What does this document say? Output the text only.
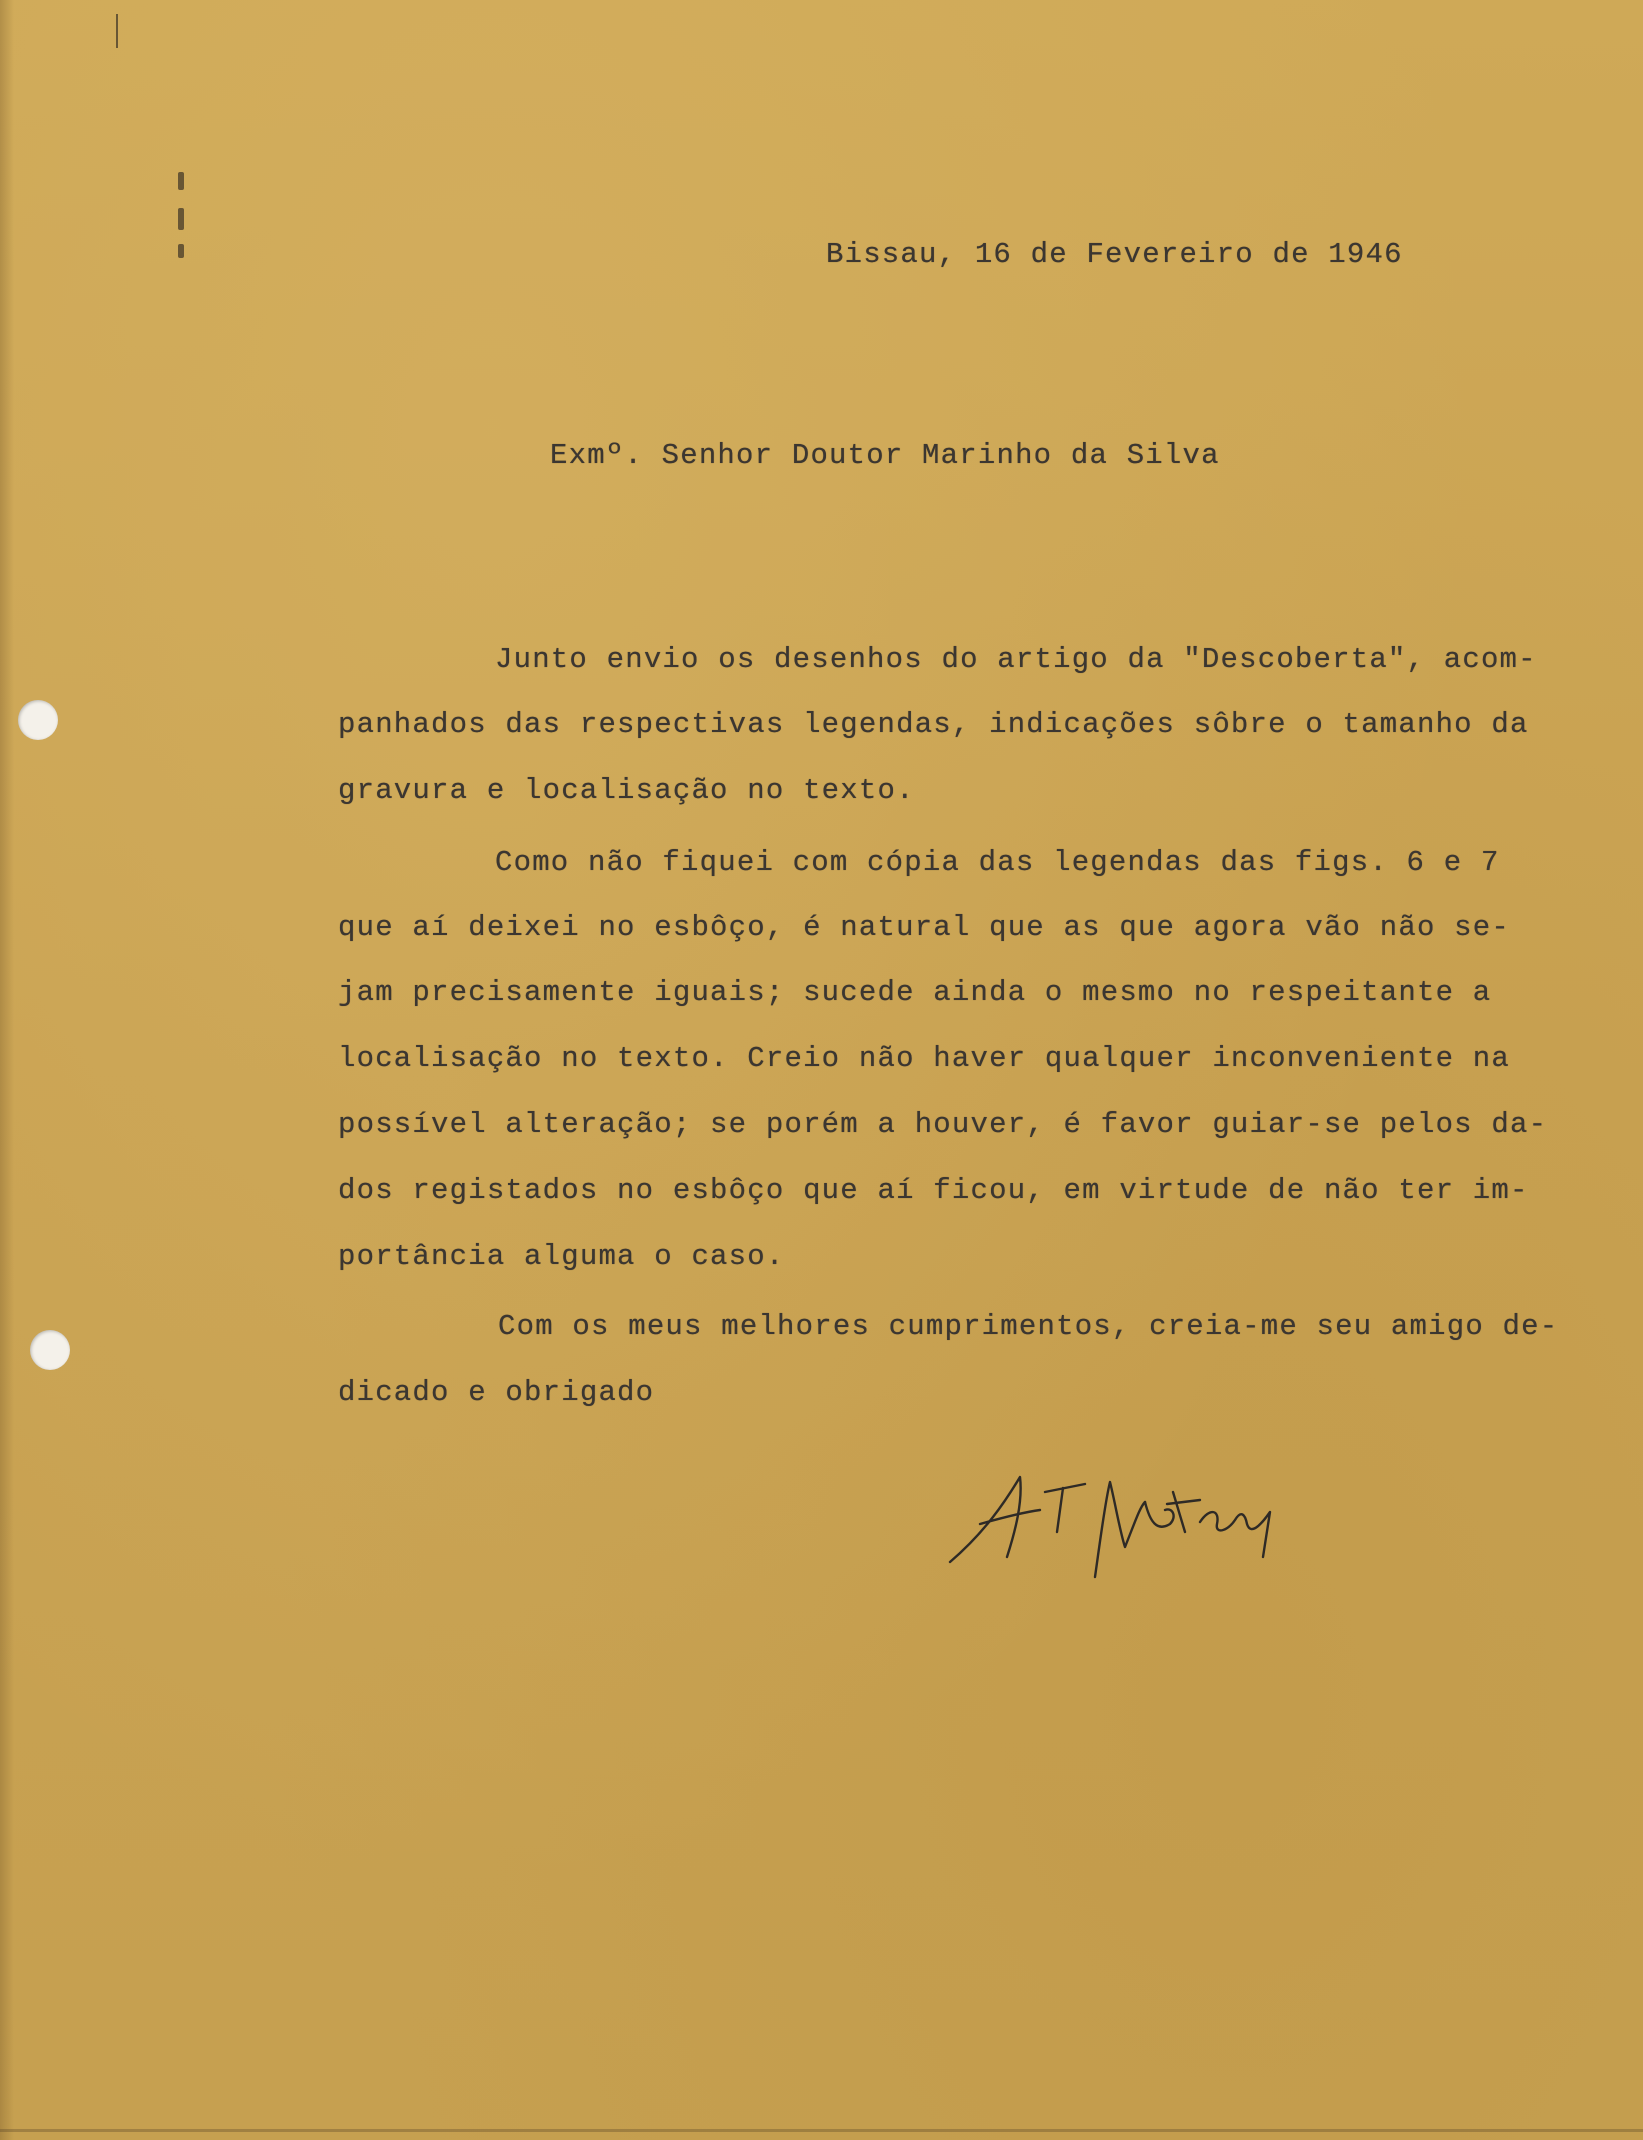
Bissau, 16 de Fevereiro de 1946
Exmº. Senhor Doutor Marinho da Silva
Junto envio os desenhos do artigo da "Descoberta", acom-
panhados das respectivas legendas, indicações sôbre o tamanho da
gravura e localisação no texto.
Como não fiquei com cópia das legendas das figs. 6 e 7
que aí deixei no esbôço, é natural que as que agora vão não se-
jam precisamente iguais; sucede ainda o mesmo no respeitante a
localisação no texto. Creio não haver qualquer inconveniente na
possível alteração; se porém a houver, é favor guiar-se pelos da-
dos registados no esbôço que aí ficou, em virtude de não ter im-
portância alguma o caso.
Com os meus melhores cumprimentos, creia-me seu amigo de-
dicado e obrigado
